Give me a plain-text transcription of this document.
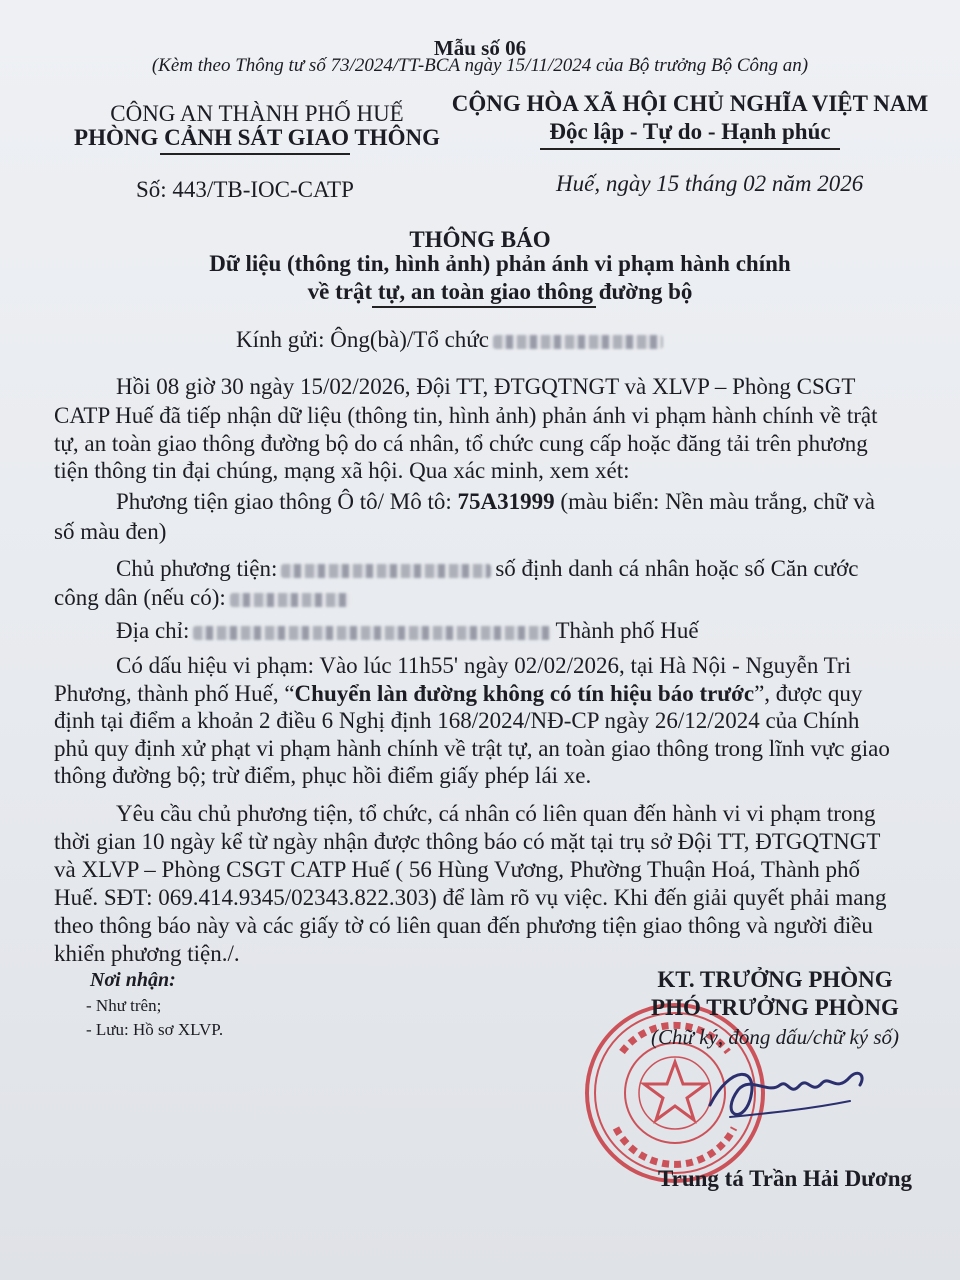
Mẫu số 06
(Kèm theo Thông tư số 73/2024/TT-BCA ngày 15/11/2024 của Bộ trưởng Bộ Công an)
CÔNG AN THÀNH PHỐ HUẾ
PHÒNG CẢNH SÁT GIAO THÔNG
CỘNG HÒA XÃ HỘI CHỦ NGHĨA VIỆT NAM
Độc lập - Tự do - Hạnh phúc
Số: 443/TB-IOC-CATP	Huế, ngày 15 tháng 02 năm 2026
THÔNG BÁO
Dữ liệu (thông tin, hình ảnh) phản ánh vi phạm hành chính
về trật tự, an toàn giao thông đường bộ
Kính gửi: Ông(bà)/Tổ chức
Hồi 08 giờ 30 ngày 15/02/2026, Đội TT, ĐTGQTNGT và XLVP – Phòng CSGT
CATP Huế đã tiếp nhận dữ liệu (thông tin, hình ảnh) phản ánh vi phạm hành chính về trật
tự, an toàn giao thông đường bộ do cá nhân, tổ chức cung cấp hoặc đăng tải trên phương
tiện thông tin đại chúng, mạng xã hội. Qua xác minh, xem xét:
Phương tiện giao thông Ô tô/ Mô tô: 75A31999 (màu biển: Nền màu trắng, chữ và
số màu đen)
Chủ phương tiện:	số định danh cá nhân hoặc số Căn cước
công dân (nếu có):
Địa chỉ:	Thành phố Huế
Có dấu hiệu vi phạm: Vào lúc 11h55' ngày 02/02/2026, tại Hà Nội - Nguyễn Tri
Phương, thành phố Huế, “Chuyển làn đường không có tín hiệu báo trước”, được quy
định tại điểm a khoản 2 điều 6 Nghị định 168/2024/NĐ-CP ngày 26/12/2024 của Chính
phủ quy định xử phạt vi phạm hành chính về trật tự, an toàn giao thông trong lĩnh vực giao
thông đường bộ; trừ điểm, phục hồi điểm giấy phép lái xe.
Yêu cầu chủ phương tiện, tổ chức, cá nhân có liên quan đến hành vi vi phạm trong
thời gian 10 ngày kể từ ngày nhận được thông báo có mặt tại trụ sở Đội TT, ĐTGQTNGT
và XLVP – Phòng CSGT CATP Huế ( 56 Hùng Vương, Phường Thuận Hoá, Thành phố
Huế. SĐT: 069.414.9345/02343.822.303) để làm rõ vụ việc. Khi đến giải quyết phải mang
theo thông báo này và các giấy tờ có liên quan đến phương tiện giao thông và người điều
khiển phương tiện./.
Nơi nhận:
- Như trên;
- Lưu: Hồ sơ XLVP.
KT. TRƯỞNG PHÒNG
PHÓ TRƯỞNG PHÒNG
(Chữ ký, đóng dấu/chữ ký số)
Trung tá Trần Hải Dương
